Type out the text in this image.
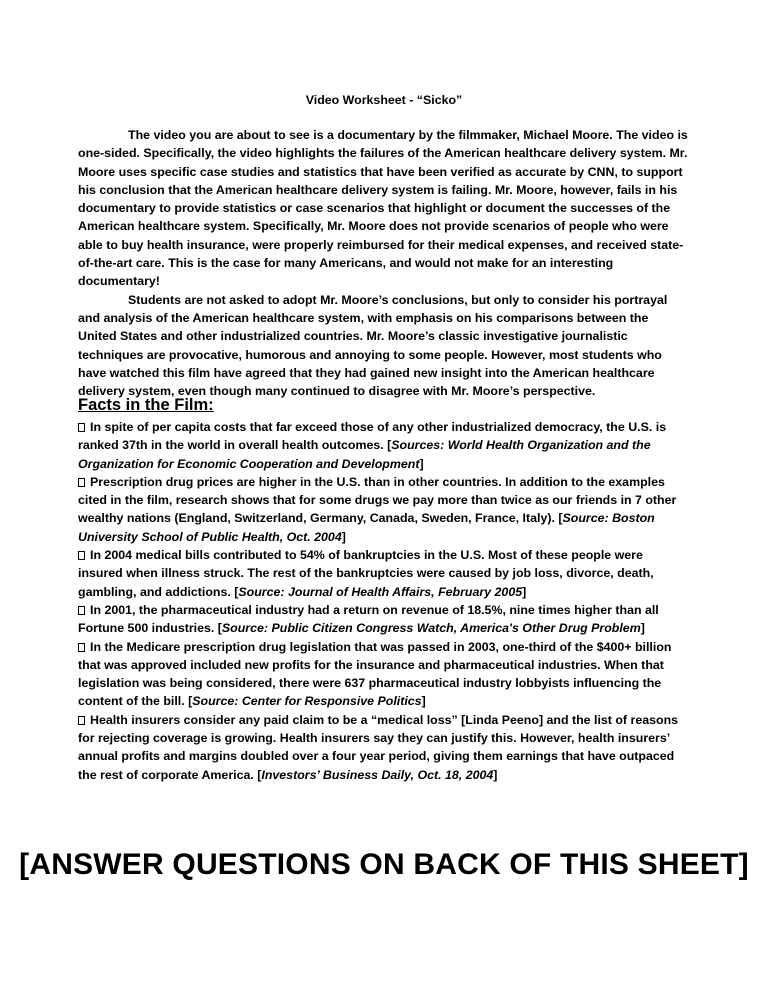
Video Worksheet - “Sicko”

The video you are about to see is a documentary by the filmmaker, Michael Moore. The video is one-sided. Specifically, the video highlights the failures of the American healthcare delivery system. Mr. Moore uses specific case studies and statistics that have been verified as accurate by CNN, to support his conclusion that the American healthcare delivery system is failing. Mr. Moore, however, fails in his documentary to provide statistics or case scenarios that highlight or document the successes of the American healthcare system. Specifically, Mr. Moore does not provide scenarios of people who were able to buy health insurance, were properly reimbursed for their medical expenses, and received state-of-the-art care. This is the case for many Americans, and would not make for an interesting documentary!

Students are not asked to adopt Mr. Moore’s conclusions, but only to consider his portrayal and analysis of the American healthcare system, with emphasis on his comparisons between the United States and other industrialized countries. Mr. Moore’s classic investigative journalistic techniques are provocative, humorous and annoying to some people. However, most students who have watched this film have agreed that they had gained new insight into the American healthcare delivery system, even though many continued to disagree with Mr. Moore’s perspective.

Facts in the Film:

In spite of per capita costs that far exceed those of any other industrialized democracy, the U.S. is ranked 37th in the world in overall health outcomes. [Sources: World Health Organization and the Organization for Economic Cooperation and Development]

Prescription drug prices are higher in the U.S. than in other countries. In addition to the examples cited in the film, research shows that for some drugs we pay more than twice as our friends in 7 other wealthy nations (England, Switzerland, Germany, Canada, Sweden, France, Italy). [Source: Boston University School of Public Health, Oct. 2004]

In 2004 medical bills contributed to 54% of bankruptcies in the U.S. Most of these people were insured when illness struck. The rest of the bankruptcies were caused by job loss, divorce, death, gambling, and addictions. [Source: Journal of Health Affairs, February 2005]

In 2001, the pharmaceutical industry had a return on revenue of 18.5%, nine times higher than all Fortune 500 industries. [Source: Public Citizen Congress Watch, America's Other Drug Problem]

In the Medicare prescription drug legislation that was passed in 2003, one-third of the $400+ billion that was approved included new profits for the insurance and pharmaceutical industries. When that legislation was being considered, there were 637 pharmaceutical industry lobbyists influencing the content of the bill. [Source: Center for Responsive Politics]

Health insurers consider any paid claim to be a “medical loss” [Linda Peeno] and the list of reasons for rejecting coverage is growing. Health insurers say they can justify this. However, health insurers’ annual profits and margins doubled over a four year period, giving them earnings that have outpaced the rest of corporate America. [Investors’ Business Daily, Oct. 18, 2004]

[ANSWER QUESTIONS ON BACK OF THIS SHEET]
